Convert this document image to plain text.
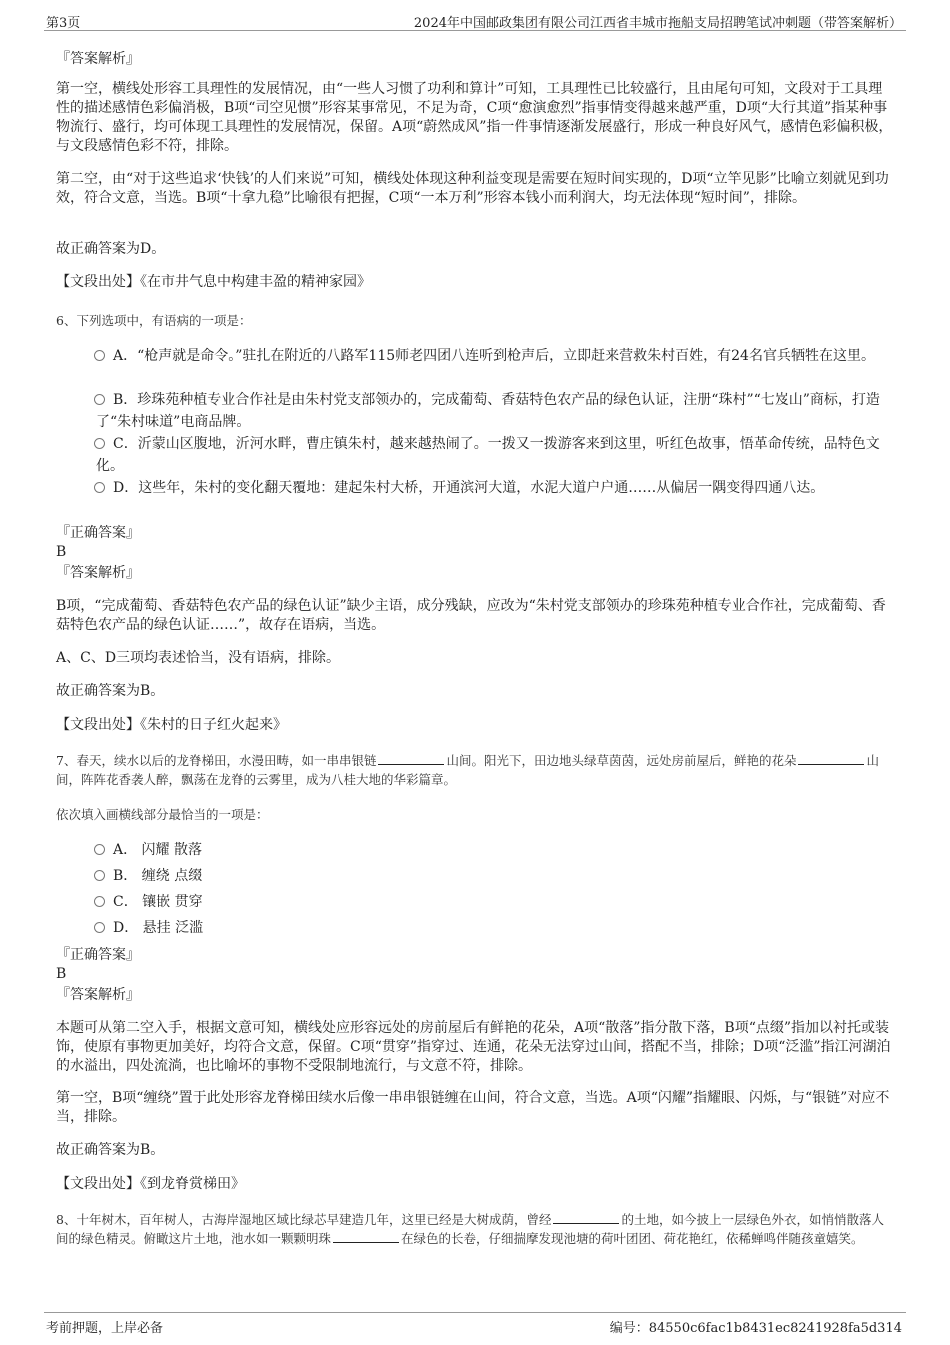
第3页	2024年中国邮政集团有限公司江西省丰城市拖船支局招聘笔试冲刺题（带答案解析）
『答案解析』
第一空，横线处形容工具理性的发展情况，由“一些人习惯了功利和算计”可知，工具理性已比较盛行，且由尾句可知，文段对于工具理性的描述感情色彩偏消极，B项“司空见惯”形容某事常见，不足为奇，C项“愈演愈烈”指事情变得越来越严重，D项“大行其道”指某种事物流行、盛行，均可体现工具理性的发展情况，保留。A项“蔚然成风”指一件事情逐渐发展盛行，形成一种良好风气，感情色彩偏积极，与文段感情色彩不符，排除。
第二空，由“对于这些追求‘快钱’的人们来说”可知，横线处体现这种利益变现是需要在短时间实现的，D项“立竿见影”比喻立刻就见到功效，符合文意，当选。B项“十拿九稳”比喻很有把握，C项“一本万利”形容本钱小而利润大，均无法体现“短时间”，排除。
故正确答案为D。
【文段出处】《在市井气息中构建丰盈的精神家园》
6、下列选项中，有语病的一项是：
A．“枪声就是命令。”驻扎在附近的八路军115师老四团八连听到枪声后，立即赶来营救朱村百姓，有24名官兵牺牲在这里。
B．珍珠苑种植专业合作社是由朱村党支部领办的，完成葡萄、香菇特色农产品的绿色认证，注册“珠村”“七岌山”商标，打造了“朱村味道”电商品牌。
C．沂蒙山区腹地，沂河水畔，曹庄镇朱村，越来越热闹了。一拨又一拨游客来到这里，听红色故事，悟革命传统，品特色文化。
D．这些年，朱村的变化翻天覆地：建起朱村大桥，开通滨河大道，水泥大道户户通……从偏居一隅变得四通八达。
『正确答案』
B
『答案解析』
B项，“完成葡萄、香菇特色农产品的绿色认证”缺少主语，成分残缺，应改为“朱村党支部领办的珍珠苑种植专业合作社，完成葡萄、香菇特色农产品的绿色认证……”，故存在语病，当选。
A、C、D三项均表述恰当，没有语病，排除。
故正确答案为B。
【文段出处】《朱村的日子红火起来》
7、春天，续水以后的龙脊梯田，水漫田畴，如一串串银链	山间。阳光下，田边地头绿草茵茵，远处房前屋后，鲜艳的花朵	山间，阵阵花香袭人醉，飘荡在龙脊的云雾里，成为八桂大地的华彩篇章。
依次填入画横线部分最恰当的一项是：
A． 闪耀 散落
B． 缠绕 点缀
C． 镶嵌 贯穿
D． 悬挂 泛滥
『正确答案』
B
『答案解析』
本题可从第二空入手，根据文意可知，横线处应形容远处的房前屋后有鲜艳的花朵，A项“散落”指分散下落，B项“点缀”指加以衬托或装饰，使原有事物更加美好，均符合文意，保留。C项“贯穿”指穿过、连通，花朵无法穿过山间，搭配不当，排除；D项“泛滥”指江河湖泊的水溢出，四处流淌，也比喻坏的事物不受限制地流行，与文意不符，排除。
第一空，B项“缠绕”置于此处形容龙脊梯田续水后像一串串银链缠在山间，符合文意，当选。A项“闪耀”指耀眼、闪烁，与“银链”对应不当，排除。
故正确答案为B。
【文段出处】《到龙脊赏梯田》
8、十年树木，百年树人，古海岸湿地区域比绿芯早建造几年，这里已经是大树成荫，曾经	的土地，如今披上一层绿色外衣，如悄悄散落人间的绿色精灵。俯瞰这片土地，池水如一颗颗明珠	在绿色的长卷，仔细揣摩发现池塘的荷叶团团、荷花艳红，依稀蝉鸣伴随孩童嬉笑。
考前押题，上岸必备	编号：84550c6fac1b8431ec8241928fa5d314
